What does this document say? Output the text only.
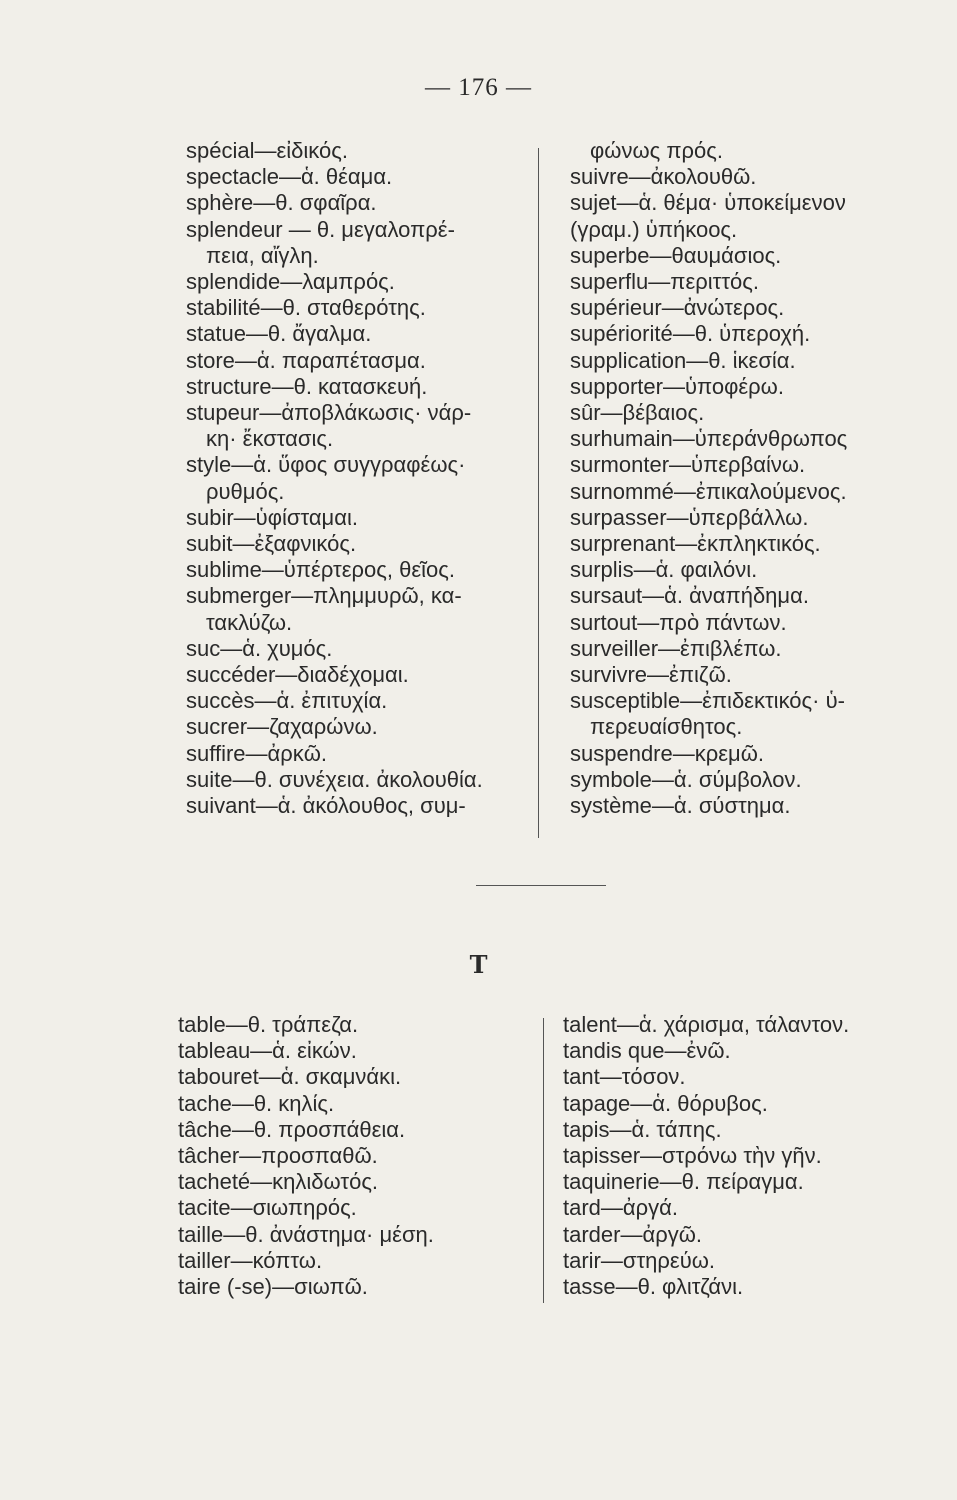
— 176 —
spécial—εἰδικός.
spectacle—ἁ. θέαμα.
sphère—θ. σφαῖρα.
splendeur — θ. μεγαλοπρέ-
πεια, αἴγλη.
splendide—λαμπρός.
stabilité—θ. σταθερότης.
statue—θ. ἄγαλμα.
store—ἁ. παραπέτασμα.
structure—θ. κατασκευή.
stupeur—ἀποβλάκωσις· νάρ-
κη· ἔκστασις.
style—ἁ. ὕφος συγγραφέως·
ρυθμός.
subir—ὑφίσταμαι.
subit—ἐξαφνικός.
sublime—ὑπέρτερος, θεῖος.
submerger—πλημμυρῶ, κα-
τακλύζω.
suc—ἁ. χυμός.
succéder—διαδέχομαι.
succès—ἁ. ἐπιτυχία.
sucrer—ζαχαρώνω.
suffire—ἀρκῶ.
suite—θ. συνέχεια. ἀκολουθία.
suivant—ἁ. ἀκόλουθος, συμ-
φώνως πρός.
suivre—ἀκολουθῶ.
sujet—ἁ. θέμα· ὑποκείμενον
(γραμ.) ὑπήκοος.
superbe—θαυμάσιος.
superflu—περιττός.
supérieur—ἀνώτερος.
supériorité—θ. ὑπεροχή.
supplication—θ. ἱκεσία.
supporter—ὑποφέρω.
sûr—βέβαιος.
surhumain—ὑπεράνθρωπος
surmonter—ὑπερβαίνω.
surnommé—ἐπικαλούμενος.
surpasser—ὑπερβάλλω.
surprenant—ἐκπληκτικός.
surplis—ἁ. φαιλόνι.
sursaut—ἁ. ἀναπήδημα.
surtout—πρὸ πάντων.
surveiller—ἐπιβλέπω.
survivre—ἐπιζῶ.
susceptible—ἐπιδεκτικός· ὑ-
περευαίσθητος.
suspendre—κρεμῶ.
symbole—ἁ. σύμβολον.
système—ἁ. σύστημα.
T
table—θ. τράπεζα.
tableau—ἁ. εἰκών.
tabouret—ἁ. σκαμνάκι.
tache—θ. κηλίς.
tâche—θ. προσπάθεια.
tâcher—προσπαθῶ.
tacheté—κηλιδωτός.
tacite—σιωπηρός.
taille—θ. ἀνάστημα· μέση.
tailler—κόπτω.
taire (-se)—σιωπῶ.
talent—ἁ. χάρισμα, τάλαντον.
tandis que—ἐνῶ.
tant—τόσον.
tapage—ἁ. θόρυβος.
tapis—ἁ. τάπης.
tapisser—στρόνω τὴν γῆν.
taquinerie—θ. πείραγμα.
tard—ἀργά.
tarder—ἀργῶ.
tarir—στηρεύω.
tasse—θ. φλιτζάνι.
